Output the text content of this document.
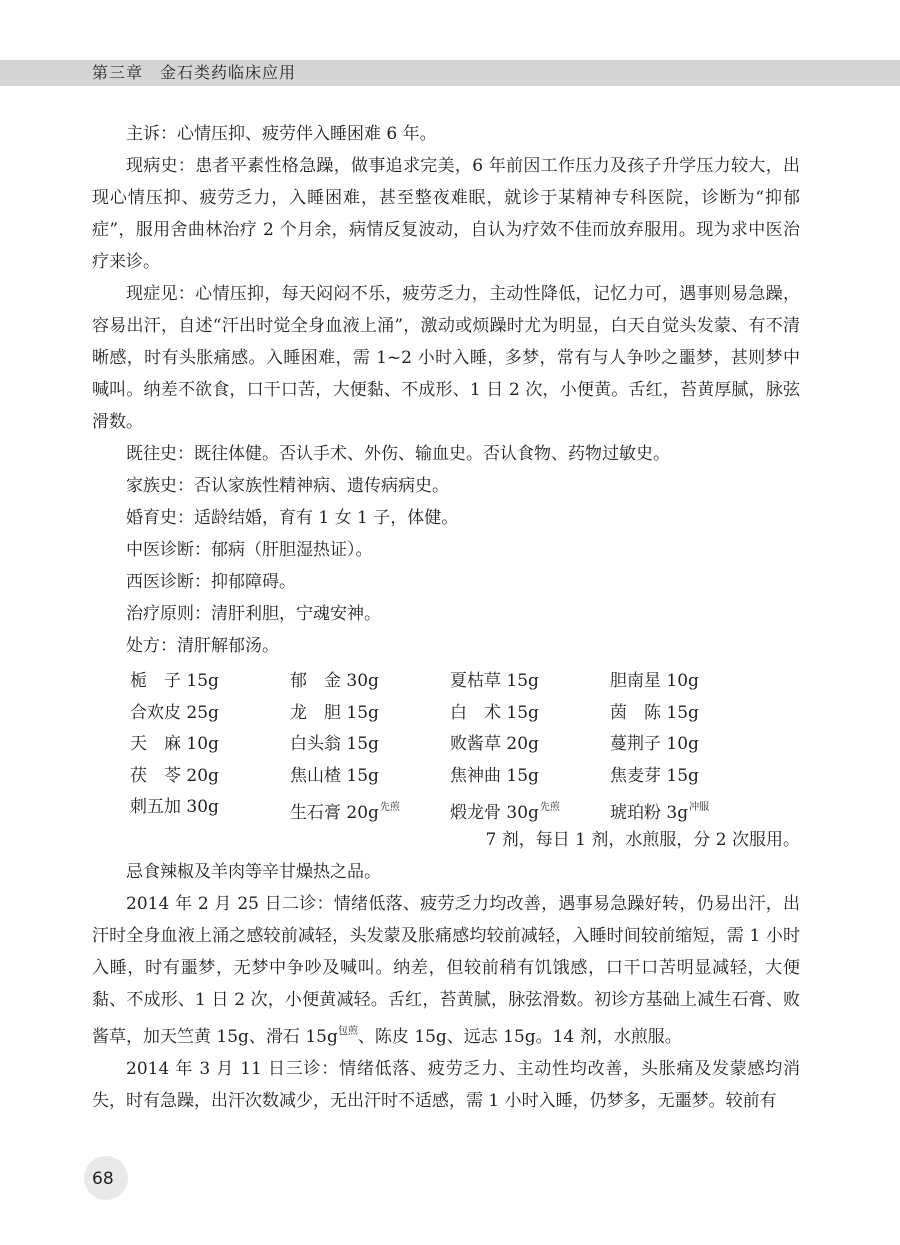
第三章　金石类药临床应用

主诉：心情压抑、疲劳伴入睡困难 6 年。

现病史：患者平素性格急躁，做事追求完美，6 年前因工作压力及孩子升学压力较大，出现心情压抑、疲劳乏力，入睡困难，甚至整夜难眠，就诊于某精神专科医院，诊断为“抑郁症”，服用舍曲林治疗 2 个月余，病情反复波动，自认为疗效不佳而放弃服用。现为求中医治疗来诊。

现症见：心情压抑，每天闷闷不乐，疲劳乏力，主动性降低，记忆力可，遇事则易急躁，容易出汗，自述“汗出时觉全身血液上涌”，激动或烦躁时尤为明显，白天自觉头发蒙、有不清晰感，时有头胀痛感。入睡困难，需 1~2 小时入睡，多梦，常有与人争吵之噩梦，甚则梦中喊叫。纳差不欲食，口干口苦，大便黏、不成形、1 日 2 次，小便黄。舌红，苔黄厚腻，脉弦滑数。

既往史：既往体健。否认手术、外伤、输血史。否认食物、药物过敏史。

家族史：否认家族性精神病、遗传病病史。

婚育史：适龄结婚，育有 1 女 1 子，体健。

中医诊断：郁病（肝胆湿热证）。

西医诊断：抑郁障碍。

治疗原则：清肝利胆，宁魂安神。

处方：清肝解郁汤。

栀　子 15g	郁　金 30g	夏枯草 15g	胆南星 10g
合欢皮 25g	龙　胆 15g	白　术 15g	茵　陈 15g
天　麻 10g	白头翁 15g	败酱草 20g	蔓荆子 10g
茯　苓 20g	焦山楂 15g	焦神曲 15g	焦麦芽 15g
刺五加 30g	生石膏 $20g^{先煎}$	煅龙骨 $30g^{先煎}$	琥珀粉 $3g^{冲服}$
7 剂，每日 1 剂，水煎服，分 2 次服用。

忌食辣椒及羊肉等辛甘燥热之品。

2014 年 2 月 25 日二诊：情绪低落、疲劳乏力均改善，遇事易急躁好转，仍易出汗，出汗时全身血液上涌之感较前减轻，头发蒙及胀痛感均较前减轻，入睡时间较前缩短，需 1 小时入睡，时有噩梦，无梦中争吵及喊叫。纳差，但较前稍有饥饿感，口干口苦明显减轻，大便黏、不成形、1 日 2 次，小便黄减轻。舌红，苔黄腻，脉弦滑数。初诊方基础上减生石膏、败酱草，加天竺黄 15g、滑石 15g$^{包煎}$、陈皮 15g、远志 15g。14 剂，水煎服。

2014 年 3 月 11 日三诊：情绪低落、疲劳乏力、主动性均改善，头胀痛及发蒙感均消失，时有急躁，出汗次数减少，无出汗时不适感，需 1 小时入睡，仍梦多，无噩梦。较前有

68
